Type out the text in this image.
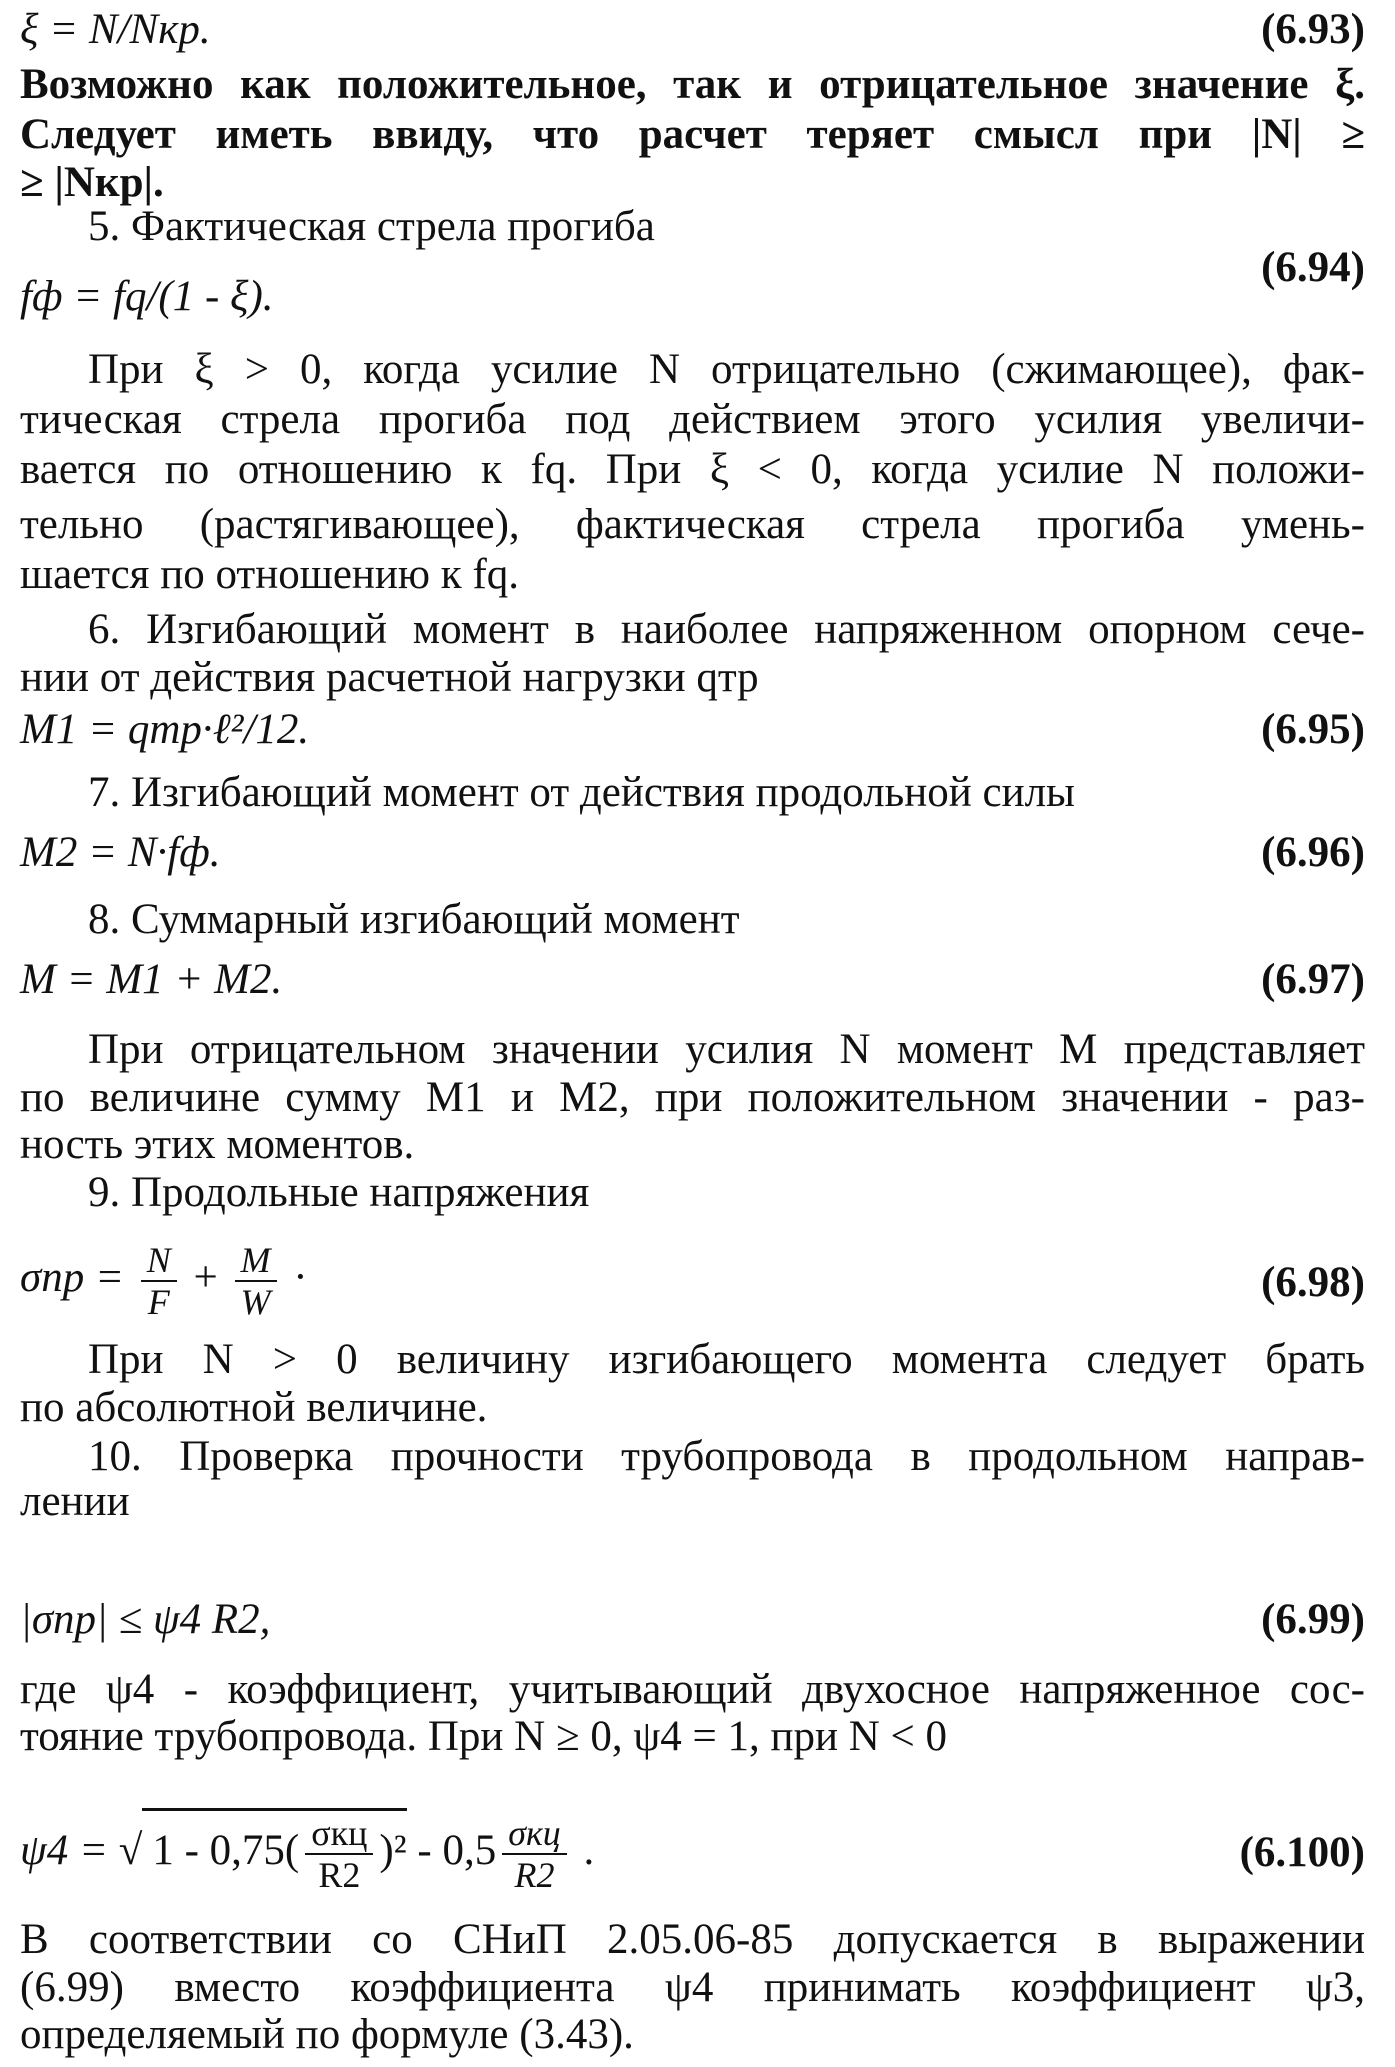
ξ = N/Nкр.	(6.93)
Возможно как положительное, так и отрицательное значение ξ.
Следует иметь ввиду, что расчет теряет смысл при |N| ≥
≥ |Nкр|.
5. Фактическая стрела прогиба
(6.94)
fф = fq/(1 - ξ).
При ξ > 0, когда усилие N отрицательно (сжимающее), фак-
тическая стрела прогиба под действием этого усилия увеличи-
вается по отношению к fq. При ξ < 0, когда усилие N положи-
тельно (растягивающее), фактическая стрела прогиба умень-
шается по отношению к fq.
6. Изгибающий момент в наиболее напряженном опорном сече-
нии от действия расчетной нагрузки qтр
M1 = qтр·ℓ²/12.	(6.95)
7. Изгибающий момент от действия продольной силы
M2 = N·fф.	(6.96)
8. Суммарный изгибающий момент
M = M1 + M2.	(6.97)
При отрицательном значении усилия N момент M представляет
по величине сумму M1 и M2, при положительном значении - раз-
ность этих моментов.
9. Продольные напряжения
$\sigma пр = \frac{N}{F} + \frac{M}{W}$ ·	(6.98)
При N > 0 величину изгибающего момента следует брать
по абсолютной величине.
10. Проверка прочности трубопровода в продольном направ-
лении
|σпр| ≤ ψ4 R2,	(6.99)
где ψ4 - коэффициент, учитывающий двухосное напряженное сос-
тояние трубопровода. При N ≥ 0, ψ4 = 1, при N < 0
ψ4 = √ $1 - 0,75( \frac{\text{σкц}}{R2} )^2 - 0,5 \frac{\text{σкц}}{R2}$ .	(6.100)
В соответствии со СНиП 2.05.06-85 допускается в выражении
(6.99) вместо коэффициента ψ4 принимать коэффициент ψ3,
определяемый по формуле (3.43).
